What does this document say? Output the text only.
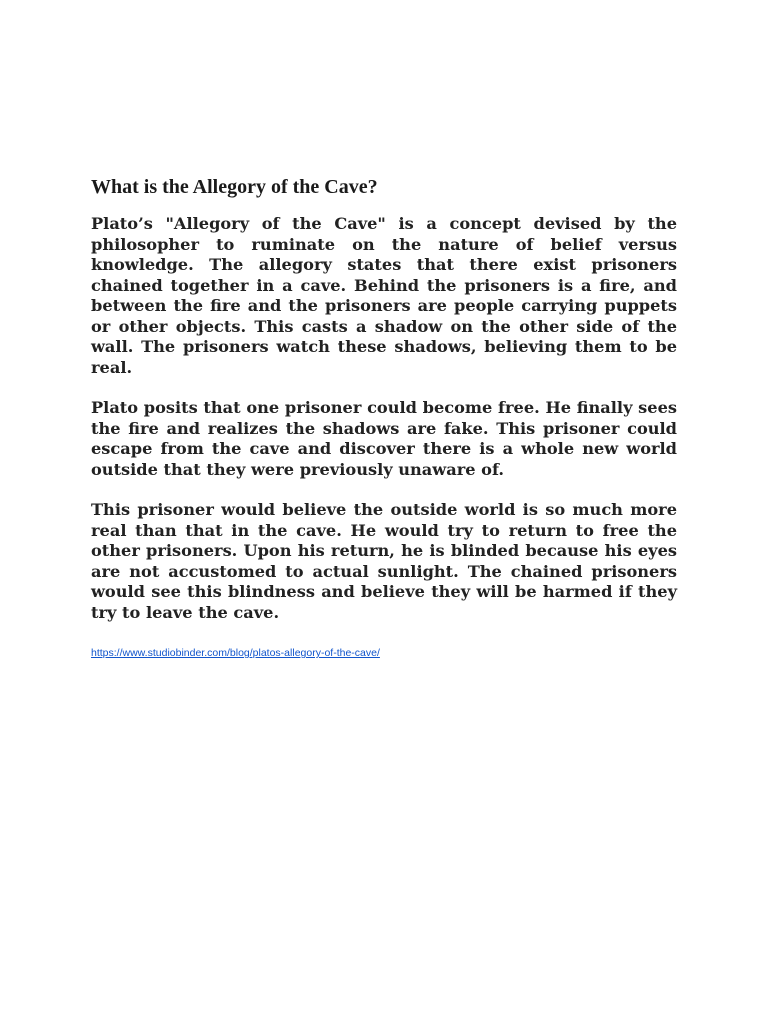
What is the Allegory of the Cave?

Plato’s "Allegory of the Cave" is a concept devised by the philosopher to ruminate on the nature of belief versus knowledge. The allegory states that there exist prisoners chained together in a cave. Behind the prisoners is a fire, and between the fire and the prisoners are people carrying puppets or other objects. This casts a shadow on the other side of the wall. The prisoners watch these shadows, believing them to be real.

Plato posits that one prisoner could become free. He finally sees the fire and realizes the shadows are fake. This prisoner could escape from the cave and discover there is a whole new world outside that they were previously unaware of.

This prisoner would believe the outside world is so much more real than that in the cave. He would try to return to free the other prisoners. Upon his return, he is blinded because his eyes are not accustomed to actual sunlight. The chained prisoners would see this blindness and believe they will be harmed if they try to leave the cave.

https://www.studiobinder.com/blog/platos-allegory-of-the-cave/
